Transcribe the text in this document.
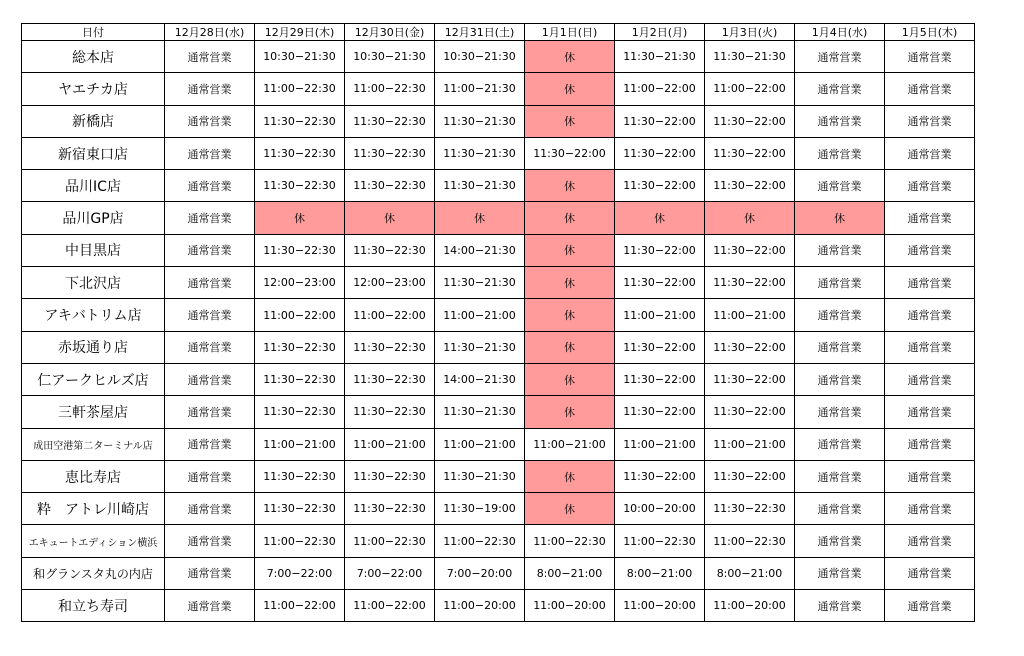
日付	12月28日(水)	12月29日(木)	12月30日(金)	12月31日(土)	1月1日(日)	1月2日(月)	1月3日(火)	1月4日(水)	1月5日(木)
総本店	通常営業	10:30−21:30	10:30−21:30	10:30−21:30	休	11:30−21:30	11:30−21:30	通常営業	通常営業
ヤエチカ店	通常営業	11:00−22:30	11:00−22:30	11:00−21:30	休	11:00−22:00	11:00−22:00	通常営業	通常営業
新橋店	通常営業	11:30−22:30	11:30−22:30	11:30−21:30	休	11:30−22:00	11:30−22:00	通常営業	通常営業
新宿東口店	通常営業	11:30−22:30	11:30−22:30	11:30−21:30	11:30−22:00	11:30−22:00	11:30−22:00	通常営業	通常営業
品川IC店	通常営業	11:30−22:30	11:30−22:30	11:30−21:30	休	11:30−22:00	11:30−22:00	通常営業	通常営業
品川GP店	通常営業	休	休	休	休	休	休	休	通常営業
中目黒店	通常営業	11:30−22:30	11:30−22:30	14:00−21:30	休	11:30−22:00	11:30−22:00	通常営業	通常営業
下北沢店	通常営業	12:00−23:00	12:00−23:00	11:30−21:30	休	11:30−22:00	11:30−22:00	通常営業	通常営業
アキバトリム店	通常営業	11:00−22:00	11:00−22:00	11:00−21:00	休	11:00−21:00	11:00−21:00	通常営業	通常営業
赤坂通り店	通常営業	11:30−22:30	11:30−22:30	11:30−21:30	休	11:30−22:00	11:30−22:00	通常営業	通常営業
仁アークヒルズ店	通常営業	11:30−22:30	11:30−22:30	14:00−21:30	休	11:30−22:00	11:30−22:00	通常営業	通常営業
三軒茶屋店	通常営業	11:30−22:30	11:30−22:30	11:30−21:30	休	11:30−22:00	11:30−22:00	通常営業	通常営業
成田空港第二ターミナル店	通常営業	11:00−21:00	11:00−21:00	11:00−21:00	11:00−21:00	11:00−21:00	11:00−21:00	通常営業	通常営業
恵比寿店	通常営業	11:30−22:30	11:30−22:30	11:30−21:30	休	11:30−22:00	11:30−22:00	通常営業	通常営業
粋　アトレ川崎店	通常営業	11:30−22:30	11:30−22:30	11:30−19:00	休	10:00−20:00	11:30−22:30	通常営業	通常営業
エキュートエディション横浜	通常営業	11:00−22:30	11:00−22:30	11:00−22:30	11:00−22:30	11:00−22:30	11:00−22:30	通常営業	通常営業
和グランスタ丸の内店	通常営業	7:00−22:00	7:00−22:00	7:00−20:00	8:00−21:00	8:00−21:00	8:00−21:00	通常営業	通常営業
和立ち寿司	通常営業	11:00−22:00	11:00−22:00	11:00−20:00	11:00−20:00	11:00−20:00	11:00−20:00	通常営業	通常営業
